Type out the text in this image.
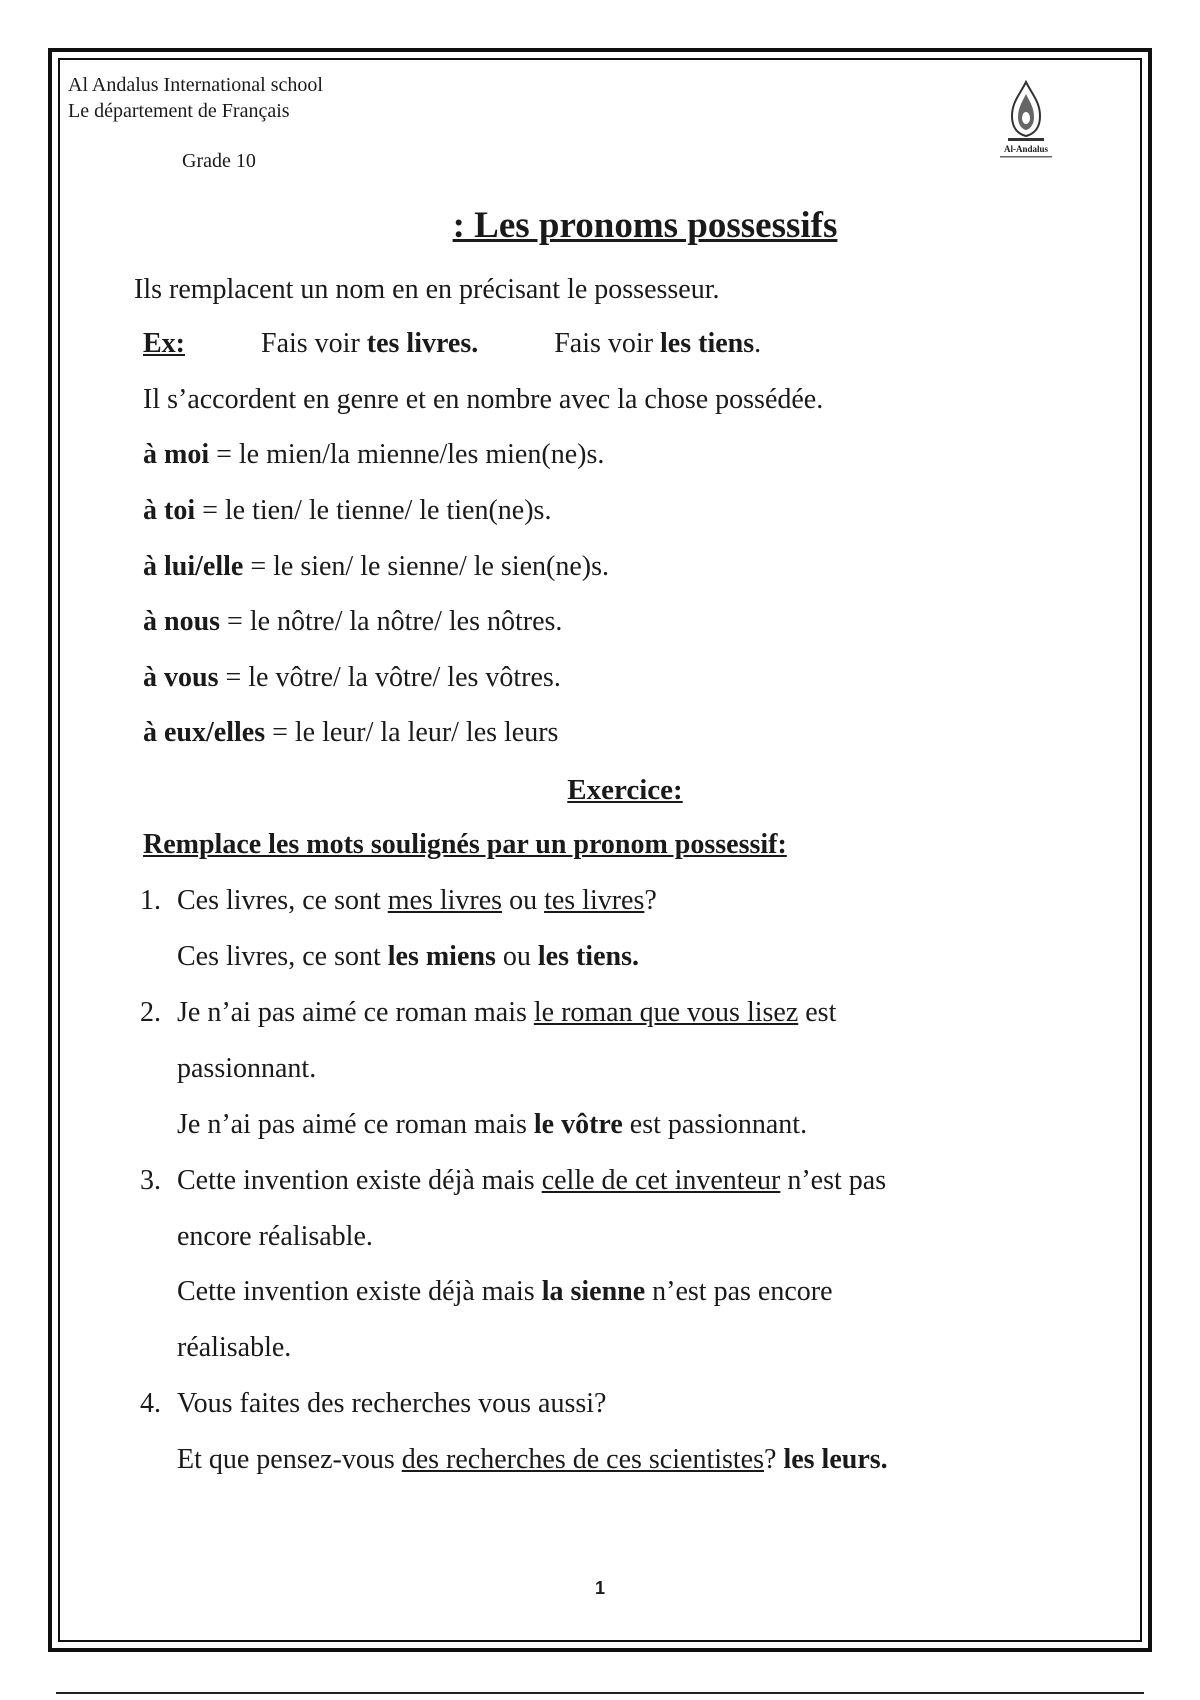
Al Andalus International school
Le département de Français
Grade 10
Al-Andalus
: Les pronoms possessifs
Ils remplacent un nom en en précisant le possesseur.
Ex:	Fais voir tes livres.	Fais voir les tiens.
Il s’accordent en genre et en nombre avec la chose possédée.
à moi = le mien/la mienne/les mien(ne)s.
à toi = le tien/ le tienne/ le tien(ne)s.
à lui/elle = le sien/ le sienne/ le sien(ne)s.
à nous = le nôtre/ la nôtre/ les nôtres.
à vous = le vôtre/ la vôtre/ les vôtres.
à eux/elles = le leur/ la leur/ les leurs
Exercice:
Remplace les mots soulignés par un pronom possessif:
1. Ces livres, ce sont mes livres ou tes livres?
Ces livres, ce sont les miens ou les tiens.
2. Je n’ai pas aimé ce roman mais le roman que vous lisez est
passionnant.
Je n’ai pas aimé ce roman mais le vôtre est passionnant.
3. Cette invention existe déjà mais celle de cet inventeur n’est pas
encore réalisable.
Cette invention existe déjà mais la sienne n’est pas encore
réalisable.
4. Vous faites des recherches vous aussi?
Et que pensez-vous des recherches de ces scientistes? les leurs.
1
